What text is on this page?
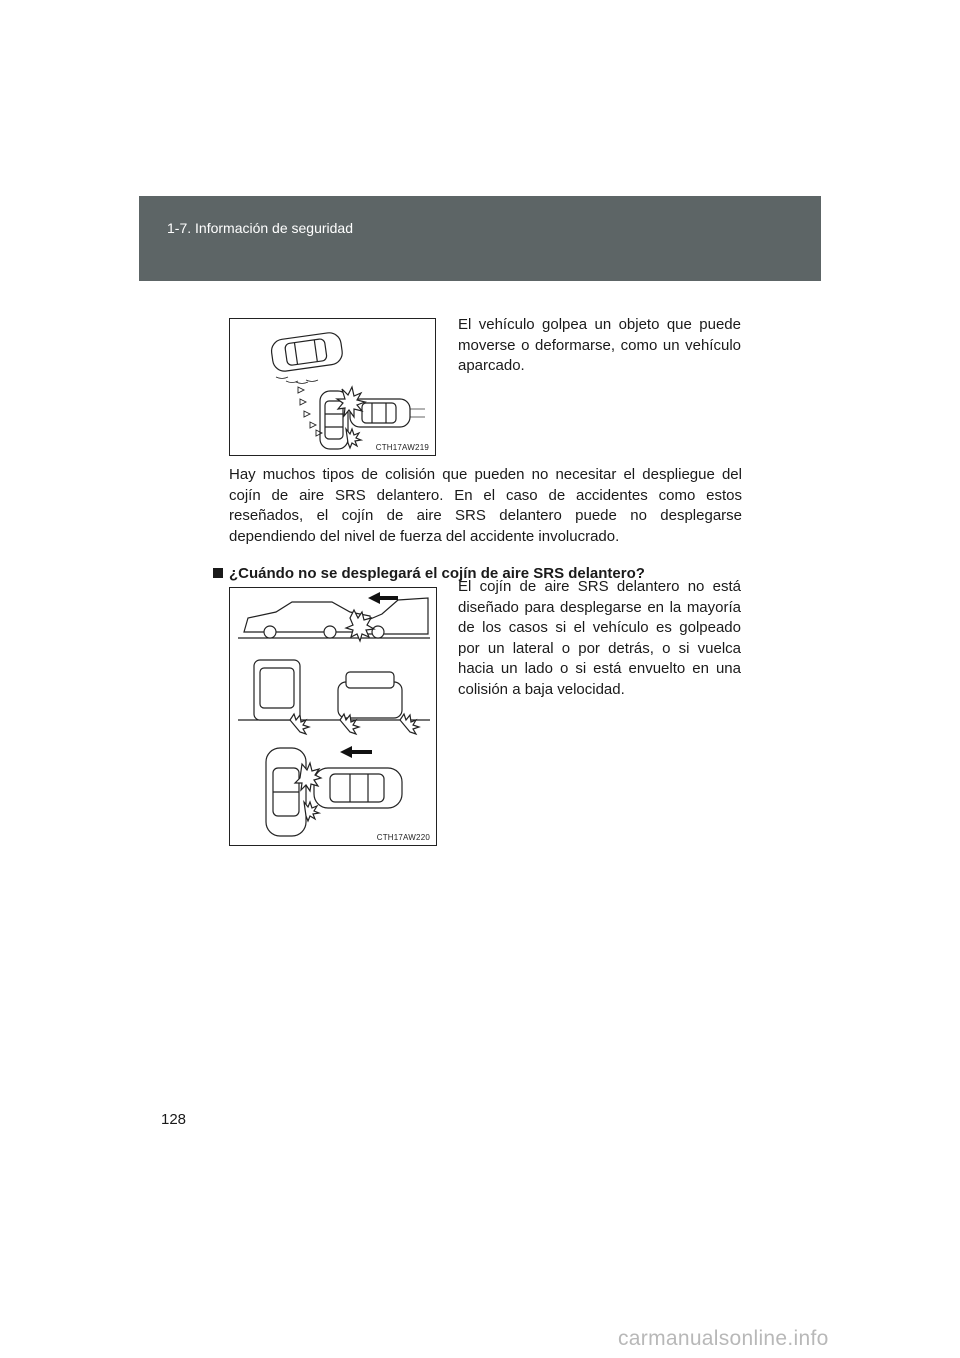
1-7. Información de seguridad
CTH17AW219
El vehículo golpea un objeto que puede moverse o deformarse, como un vehículo aparcado.
Hay muchos tipos de colisión que pueden no necesitar el despliegue del cojín de aire SRS delantero. En el caso de accidentes como estos reseñados, el cojín de aire SRS delantero puede no desplegarse dependiendo del nivel de fuerza del accidente involucrado.
¿Cuándo no se desplegará el cojín de aire SRS delantero?
CTH17AW220
El cojín de aire SRS delantero no está diseñado para desplegarse en la mayoría de los casos si el vehículo es golpeado por un lateral o por detrás, o si vuelca hacia un lado o si está envuelto en una colisión a baja velocidad.
128
carmanualsonline.info
